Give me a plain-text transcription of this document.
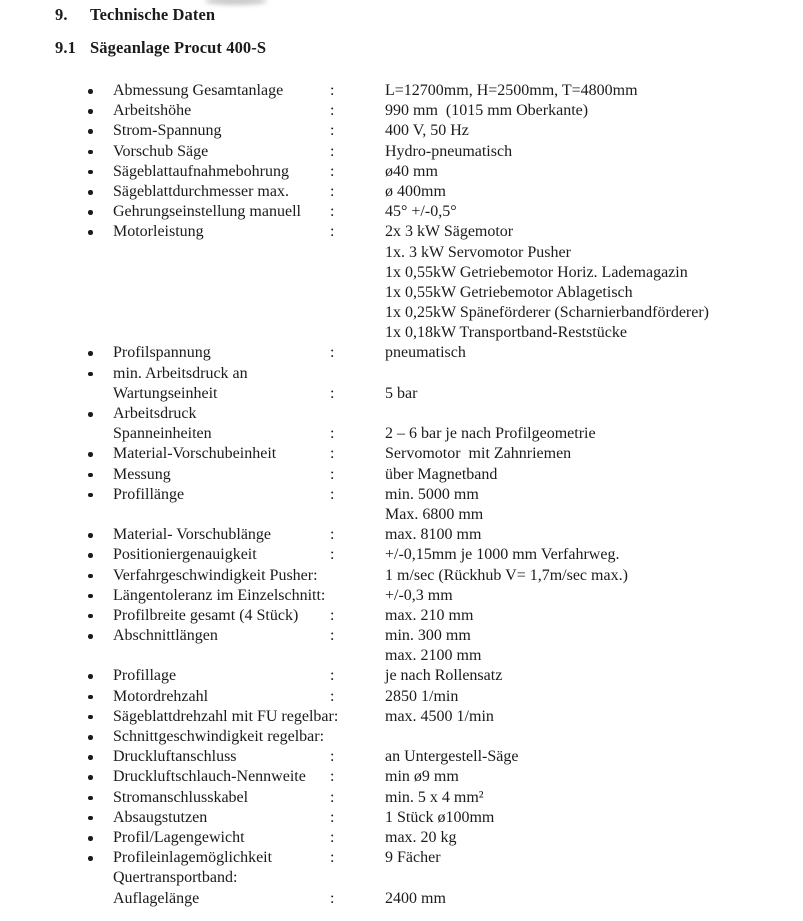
9. Technische Daten
9.1 Sägeanlage Procut 400-S
Abmessung Gesamtanlage	:	L=12700mm, H=2500mm, T=4800mm
Arbeitshöhe	:	990 mm  (1015 mm Oberkante)
Strom-Spannung	:	400 V, 50 Hz
Vorschub Säge	:	Hydro-pneumatisch
Sägeblattaufnahmebohrung	:	ø40 mm
Sägeblattdurchmesser max.	:	ø 400mm
Gehrungseinstellung manuell :	45° +/-0,5°
Motorleistung	:	2x 3 kW Sägemotor
1x. 3 kW Servomotor Pusher
1x 0,55kW Getriebemotor Horiz. Lademagazin
1x 0,55kW Getriebemotor Ablagetisch
1x 0,25kW Späneförderer (Scharnierbandförderer)
1x 0,18kW Transportband-Reststücke
Profilspannung	:	pneumatisch
min. Arbeitsdruck an
Wartungseinheit	:	5 bar
Arbeitsdruck
Spanneinheiten	:	2 – 6 bar je nach Profilgeometrie
Material-Vorschubeinheit	:	Servomotor  mit Zahnriemen
Messung	:	über Magnetband
Profillänge	:	min. 5000 mm
Max. 6800 mm
Material- Vorschublänge	:	max. 8100 mm
Positioniergenauigkeit	:	+/-0,15mm je 1000 mm Verfahrweg.
Verfahrgeschwindigkeit Pusher:	1 m/sec (Rückhub V= 1,7m/sec max.)
Längentoleranz im Einzelschnitt:	+/-0,3 mm
Profilbreite gesamt (4 Stück) :	max. 210 mm
Abschnittlängen	:	min. 300 mm
max. 2100 mm
Profillage	:	je nach Rollensatz
Motordrehzahl	:	2850 1/min
Sägeblattdrehzahl mit FU regelbar:	max. 4500 1/min
Schnittgeschwindigkeit regelbar:
Druckluftanschluss	:	an Untergestell-Säge
Druckluftschlauch-Nennweite :	min ø9 mm
Stromanschlusskabel	:	min. 5 x 4 mm²
Absaugstutzen	:	1 Stück ø100mm
Profil/Lagengewicht	:	max. 20 kg
Profileinlagemöglichkeit	:	9 Fächer
Quertransportband:
Auflagelänge	:	2400 mm
